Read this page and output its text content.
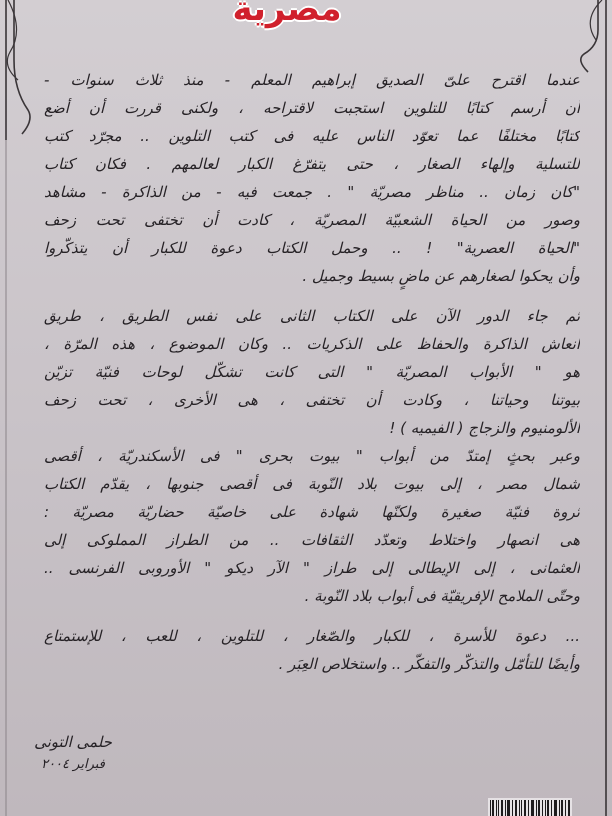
مصرية
عندما اقترح علىّ الصديق إبراهيم المعلم - منذ ثلاث سنوات -
أن أرسم كتابًا للتلوين استجبت لاقتراحه ، ولكنى قررت أن أضع
كتابًا مختلفًا عما تعوّد الناس عليه فى كتب التلوين .. مجرّد كتب
للتسلية وإلهاء الصغار ، حتى يتفرّغ الكبار لعالمهم . فكان كتاب
"كان زمان .. مناظر مصريّة " . جمعت فيه - من الذاكرة - مشاهد
وصور من الحياة الشعبيّة المصريّة ، كادت أن تختفى تحت زحف
"الحياة العصرية" ! .. وحمل الكتاب دعوة للكبار أن يتذكّروا
وأن يحكوا لصغارهم عن ماضٍ بسيط وجميل .
ثم جاء الدور الآن على الكتاب الثانى على نفس الطريق ، طريق
انعاش الذاكرة والحفاظ على الذكريات .. وكان الموضوع ، هذه المرّة ،
هو " الأبواب المصريّة " التى كانت تشكّل لوحات فنيّة تزيّن
بيوتنا وحياتنا ، وكادت أن تختفى ، هى الأخرى ، تحت زحف
الألومنيوم والزجاج ( الفيميه ) !
وعبر بحثٍ إمتدّ من أبواب " بيوت بحرى " فى الأسكندريّة ، أقصى
شمال مصر ، إلى بيوت بلاد النّوبة فى أقصى جنوبها ، يقدّم الكتاب
ثروة فنيّة صغيرة ولكنّها شهادة على خاصيّة حضاريّة مصريّة :
هى انصهار واختلاط وتعدّد الثقافات .. من الطراز المملوكى إلى
العثمانى ، إلى الإيطالى إلى طراز " الآر ديكو " الأوروبى الفرنسى ..
وحتّى الملامح الإفريقيّة فى أبواب بلاد النّوبة .
... دعوة للأسرة ، للكبار والصّغار ، للتلوين ، للعب ، للإستمتاع
وأيضًا للتأمّل والتذكّر والتفكّر .. واستخلاص العِبَر .
حلمى التونى
فبراير ٢٠٠٤
